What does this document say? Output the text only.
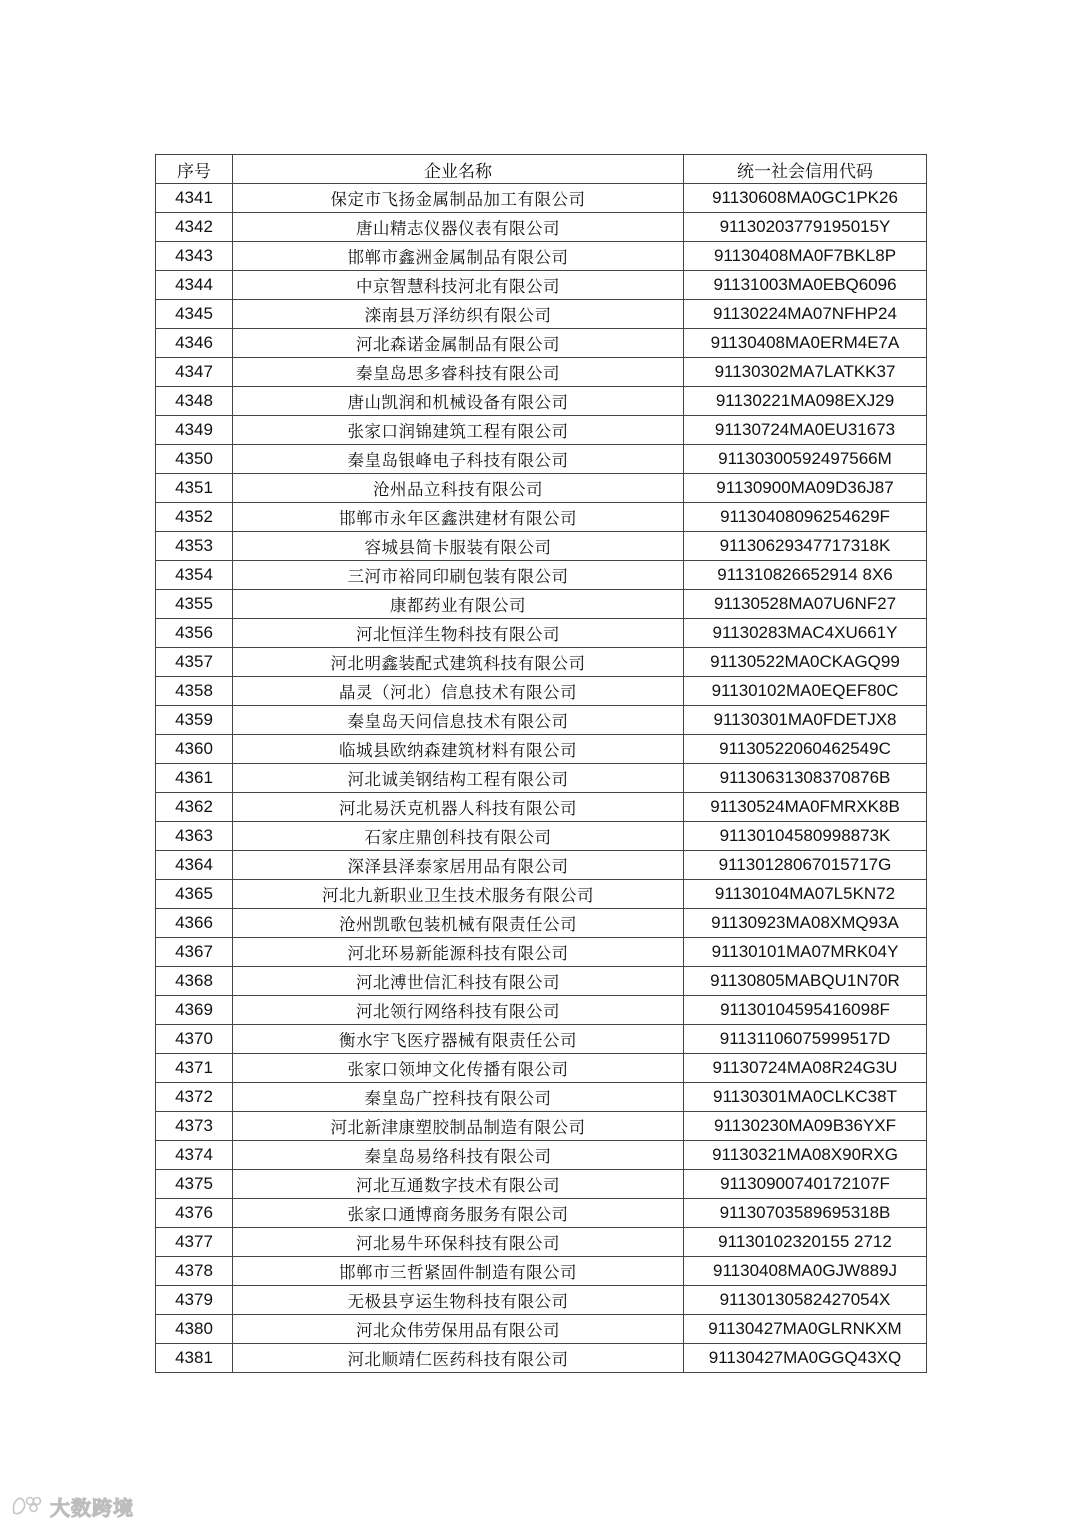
序号	企业名称	统一社会信用代码
4341	保定市飞扬金属制品加工有限公司	91130608MA0GC1PK26
4342	唐山精志仪器仪表有限公司	91130203779195015Y
4343	邯郸市鑫洲金属制品有限公司	91130408MA0F7BKL8P
4344	中京智慧科技河北有限公司	91131003MA0EBQ6096
4345	滦南县万泽纺织有限公司	91130224MA07NFHP24
4346	河北森诺金属制品有限公司	91130408MA0ERM4E7A
4347	秦皇岛思多睿科技有限公司	91130302MA7LATKK37
4348	唐山凯润和机械设备有限公司	91130221MA098EXJ29
4349	张家口润锦建筑工程有限公司	91130724MA0EU31673
4350	秦皇岛银峰电子科技有限公司	91130300592497566M
4351	沧州品立科技有限公司	91130900MA09D36J87
4352	邯郸市永年区鑫洪建材有限公司	91130408096254629F
4353	容城县简卡服装有限公司	91130629347717318K
4354	三河市裕同印刷包装有限公司	911310826652914 8X6
4355	康都药业有限公司	91130528MA07U6NF27
4356	河北恒洋生物科技有限公司	91130283MAC4XU661Y
4357	河北明鑫装配式建筑科技有限公司	91130522MA0CKAGQ99
4358	晶灵（河北）信息技术有限公司	91130102MA0EQEF80C
4359	秦皇岛天问信息技术有限公司	91130301MA0FDETJX8
4360	临城县欧纳森建筑材料有限公司	91130522060462549C
4361	河北诚美钢结构工程有限公司	91130631308370876B
4362	河北易沃克机器人科技有限公司	91130524MA0FMRXK8B
4363	石家庄鼎创科技有限公司	91130104580998873K
4364	深泽县泽泰家居用品有限公司	91130128067015717G
4365	河北九新职业卫生技术服务有限公司	91130104MA07L5KN72
4366	沧州凯歌包装机械有限责任公司	91130923MA08XMQ93A
4367	河北环易新能源科技有限公司	91130101MA07MRK04Y
4368	河北溥世信汇科技有限公司	91130805MABQU1N70R
4369	河北领行网络科技有限公司	91130104595416098F
4370	衡水宇飞医疗器械有限责任公司	91131106075999517D
4371	张家口领坤文化传播有限公司	91130724MA08R24G3U
4372	秦皇岛广控科技有限公司	91130301MA0CLKC38T
4373	河北新津康塑胶制品制造有限公司	91130230MA09B36YXF
4374	秦皇岛易络科技有限公司	91130321MA08X90RXG
4375	河北互通数字技术有限公司	91130900740172107F
4376	张家口通博商务服务有限公司	91130703589695318B
4377	河北易牛环保科技有限公司	91130102320155 2712
4378	邯郸市三哲紧固件制造有限公司	91130408MA0GJW889J
4379	无极县亨运生物科技有限公司	91130130582427054X
4380	河北众伟劳保用品有限公司	91130427MA0GLRNKXM
4381	河北顺靖仁医药科技有限公司	91130427MA0GGQ43XQ
大数跨境
